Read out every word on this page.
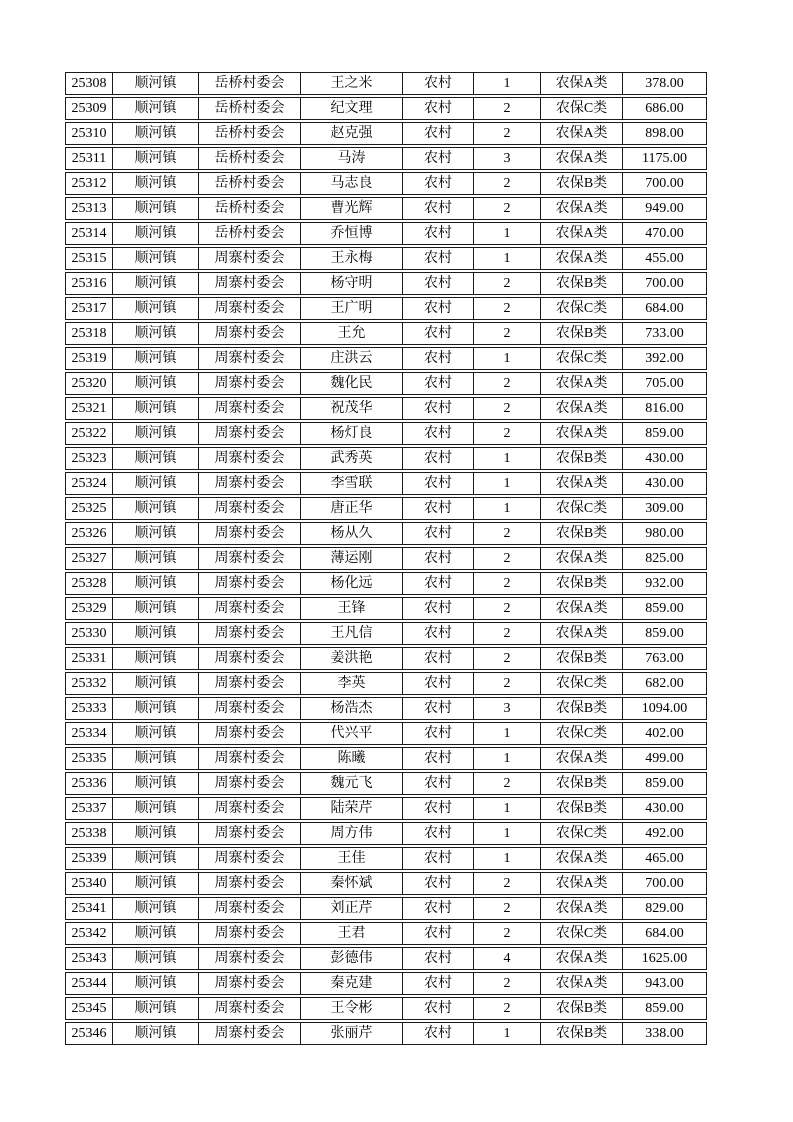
25308	顺河镇	岳桥村委会	王之米	农村	1	农保A类	378.00
25309	顺河镇	岳桥村委会	纪文理	农村	2	农保C类	686.00
25310	顺河镇	岳桥村委会	赵克强	农村	2	农保A类	898.00
25311	顺河镇	岳桥村委会	马涛	农村	3	农保A类	1175.00
25312	顺河镇	岳桥村委会	马志良	农村	2	农保B类	700.00
25313	顺河镇	岳桥村委会	曹光辉	农村	2	农保A类	949.00
25314	顺河镇	岳桥村委会	乔恒博	农村	1	农保A类	470.00
25315	顺河镇	周寨村委会	王永梅	农村	1	农保A类	455.00
25316	顺河镇	周寨村委会	杨守明	农村	2	农保B类	700.00
25317	顺河镇	周寨村委会	王广明	农村	2	农保C类	684.00
25318	顺河镇	周寨村委会	王允	农村	2	农保B类	733.00
25319	顺河镇	周寨村委会	庄洪云	农村	1	农保C类	392.00
25320	顺河镇	周寨村委会	魏化民	农村	2	农保A类	705.00
25321	顺河镇	周寨村委会	祝茂华	农村	2	农保A类	816.00
25322	顺河镇	周寨村委会	杨灯良	农村	2	农保A类	859.00
25323	顺河镇	周寨村委会	武秀英	农村	1	农保B类	430.00
25324	顺河镇	周寨村委会	李雪联	农村	1	农保A类	430.00
25325	顺河镇	周寨村委会	唐正华	农村	1	农保C类	309.00
25326	顺河镇	周寨村委会	杨从久	农村	2	农保B类	980.00
25327	顺河镇	周寨村委会	薄运刚	农村	2	农保A类	825.00
25328	顺河镇	周寨村委会	杨化远	农村	2	农保B类	932.00
25329	顺河镇	周寨村委会	王锋	农村	2	农保A类	859.00
25330	顺河镇	周寨村委会	王凡信	农村	2	农保A类	859.00
25331	顺河镇	周寨村委会	姜洪艳	农村	2	农保B类	763.00
25332	顺河镇	周寨村委会	李英	农村	2	农保C类	682.00
25333	顺河镇	周寨村委会	杨浩杰	农村	3	农保B类	1094.00
25334	顺河镇	周寨村委会	代兴平	农村	1	农保C类	402.00
25335	顺河镇	周寨村委会	陈曦	农村	1	农保A类	499.00
25336	顺河镇	周寨村委会	魏元飞	农村	2	农保B类	859.00
25337	顺河镇	周寨村委会	陆荣芹	农村	1	农保B类	430.00
25338	顺河镇	周寨村委会	周方伟	农村	1	农保C类	492.00
25339	顺河镇	周寨村委会	王佳	农村	1	农保A类	465.00
25340	顺河镇	周寨村委会	秦怀斌	农村	2	农保A类	700.00
25341	顺河镇	周寨村委会	刘正芹	农村	2	农保A类	829.00
25342	顺河镇	周寨村委会	王君	农村	2	农保C类	684.00
25343	顺河镇	周寨村委会	彭德伟	农村	4	农保A类	1625.00
25344	顺河镇	周寨村委会	秦克建	农村	2	农保A类	943.00
25345	顺河镇	周寨村委会	王令彬	农村	2	农保B类	859.00
25346	顺河镇	周寨村委会	张丽芹	农村	1	农保B类	338.00
